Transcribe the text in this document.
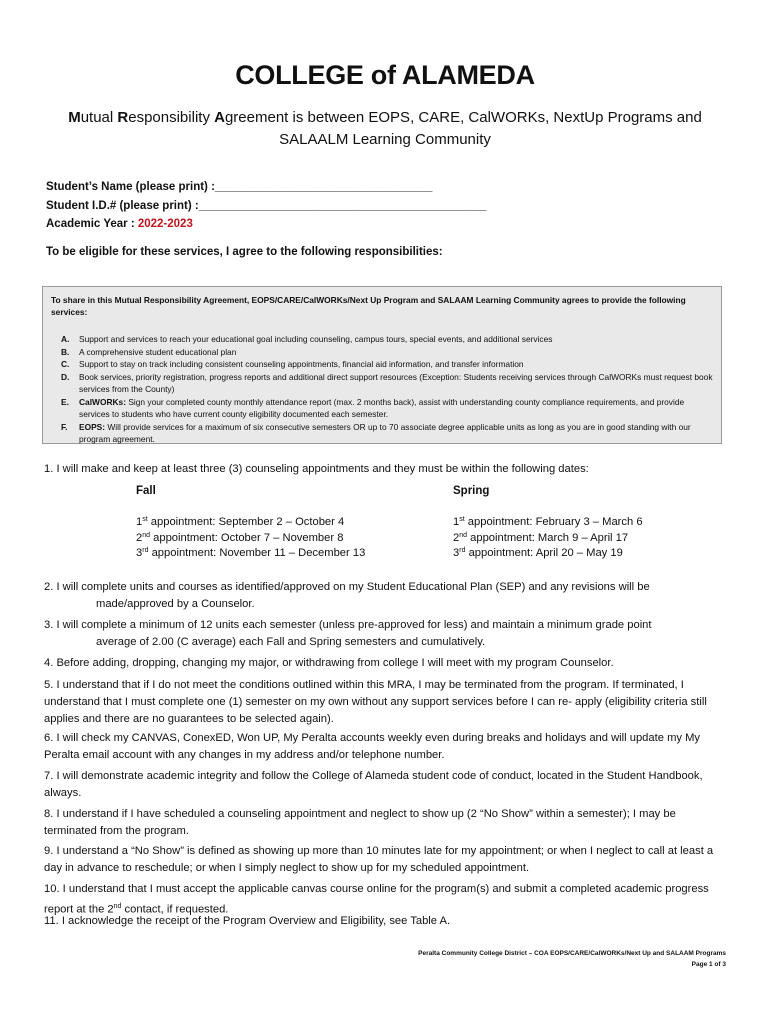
COLLEGE of ALAMEDA
Mutual Responsibility Agreement is between EOPS, CARE, CalWORKs, NextUp Programs and
SALAALM Learning Community
Student’s Name (please print) :__________________________________
Student I.D.# (please print) :_____________________________________________
Academic Year : 2022-2023
To be eligible for these services, I agree to the following responsibilities:
To share in this Mutual Responsibility Agreement, EOPS/CARE/CalWORKs/Next Up Program and SALAAM Learning Community agrees to provide the following services:
A. Support and services to reach your educational goal including counseling, campus tours, special events, and additional services
B. A comprehensive student educational plan
C. Support to stay on track including consistent counseling appointments, financial aid information, and transfer information
D. Book services, priority registration, progress reports and additional direct support resources (Exception: Students receiving services through CalWORKs must request book services from the County)
E. CalWORKs: Sign your completed county monthly attendance report (max. 2 months back), assist with understanding county compliance requirements, and provide services to students who have current county eligibility documented each semester.
F. EOPS: Will provide services for a maximum of six consecutive semesters OR up to 70 associate degree applicable units as long as you are in good standing with our program agreement.
1. I will make and keep at least three (3) counseling appointments and they must be within the following dates:
Fall	Spring
1st appointment: September 2 – October 4
2nd appointment: October 7 – November 8
3rd appointment: November 11 – December 13
1st appointment: February 3 – March 6
2nd appointment: March 9 – April 17
3rd appointment: April 20 – May 19
2. I will complete units and courses as identified/approved on my Student Educational Plan (SEP) and any revisions will be
made/approved by a Counselor.
3. I will complete a minimum of 12 units each semester (unless pre-approved for less) and maintain a minimum grade point
average of 2.00 (C average) each Fall and Spring semesters and cumulatively.
4. Before adding, dropping, changing my major, or withdrawing from college I will meet with my program Counselor.
5. I understand that if I do not meet the conditions outlined within this MRA, I may be terminated from the program. If terminated, I understand that I must complete one (1) semester on my own without any support services before I can re- apply (eligibility criteria still applies and there are no guarantees to be selected again).
6. I will check my CANVAS, ConexED, Won UP, My Peralta accounts weekly even during breaks and holidays and will update my My Peralta email account with any changes in my address and/or telephone number.
7. I will demonstrate academic integrity and follow the College of Alameda student code of conduct, located in the Student Handbook, always.
8. I understand if I have scheduled a counseling appointment and neglect to show up (2 “No Show” within a semester); I may be terminated from the program.
9. I understand a “No Show” is defined as showing up more than 10 minutes late for my appointment; or when I neglect to call at least a day in advance to reschedule; or when I simply neglect to show up for my scheduled appointment.
10. I understand that I must accept the applicable canvas course online for the program(s) and submit a completed academic progress report at the 2nd contact, if requested.
11. I acknowledge the receipt of the Program Overview and Eligibility, see Table A.
Peralta Community College District – COA EOPS/CARE/CalWORKs/Next Up and SALAAM Programs
Page 1 of 3
